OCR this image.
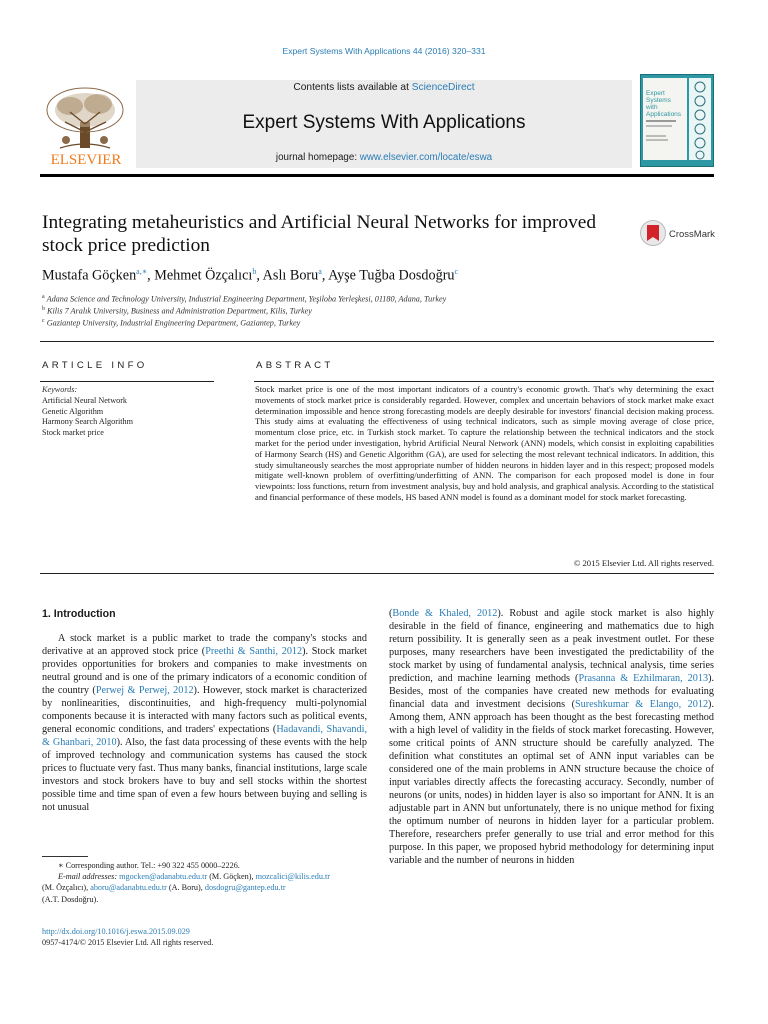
Expert Systems With Applications 44 (2016) 320–331
ELSEVIER
Contents lists available at ScienceDirect
Expert Systems With Applications
journal homepage: www.elsevier.com/locate/eswa
Expert
Systems
with
Applications
Integrating metaheuristics and Artificial Neural Networks for improved stock price prediction
CrossMark
Mustafa Göçken$^{a,∗}$, Mehmet Özçalıcı$^b$, Aslı Boru$^a$, Ayşe Tuğba Dosdoğru$^c$
$^a$ Adana Science and Technology University, Industrial Engineering Department, Yeşiloba Yerleşkesi, 01180, Adana, Turkey
$^b$ Kilis 7 Aralık University, Business and Administration Department, Kilis, Turkey
$^c$ Gaziantep University, Industrial Engineering Department, Gaziantep, Turkey
ARTICLE INFO
Keywords:
Artificial Neural Network
Genetic Algorithm
Harmony Search Algorithm
Stock market price
ABSTRACT
Stock market price is one of the most important indicators of a country's economic growth. That's why determining the exact movements of stock market price is considerably regarded. However, complex and uncertain behaviors of stock market make exact determination impossible and hence strong forecasting models are deeply desirable for investors' financial decision making process. This study aims at evaluating the effectiveness of using technical indicators, such as simple moving average of close price, momentum close price, etc. in Turkish stock market. To capture the relationship between the technical indicators and the stock market for the period under investigation, hybrid Artificial Neural Network (ANN) models, which consist in exploiting capabilities of Harmony Search (HS) and Genetic Algorithm (GA), are used for selecting the most relevant technical indicators. In addition, this study simultaneously searches the most appropriate number of hidden neurons in hidden layer and in this respect; proposed models mitigate well-known problem of overfitting/underfitting of ANN. The comparison for each proposed model is done in four viewpoints: loss functions, return from investment analysis, buy and hold analysis, and graphical analysis. According to the statistical and financial performance of these models, HS based ANN model is found as a dominant model for stock market forecasting.
© 2015 Elsevier Ltd. All rights reserved.
1. Introduction
A stock market is a public market to trade the company's stocks and derivative at an approved stock price (Preethi & Santhi, 2012). Stock market provides opportunities for brokers and companies to make investments on neutral ground and is one of the primary indicators of a economic condition of the country (Perwej & Perwej, 2012). However, stock market is characterized by nonlinearities, discontinuities, and high-frequency multi-polynomial components because it is interacted with many factors such as political events, general economic conditions, and traders' expectations (Hadavandi, Shavandi, & Ghanbari, 2010). Also, the fast data processing of these events with the help of improved technology and communication systems has caused the stock prices to fluctuate very fast. Thus many banks, financial institutions, large scale investors and stock brokers have to buy and sell stocks within the shortest possible time and time span of even a few hours between buying and selling is not unusual
(Bonde & Khaled, 2012). Robust and agile stock market is also highly desirable in the field of finance, engineering and mathematics due to high return possibility. It is generally seen as a peak investment outlet. For these purposes, many researchers have been investigated the predictability of the stock market by using of fundamental analysis, technical analysis, time series prediction, and machine learning methods (Prasanna & Ezhilmaran, 2013). Besides, most of the companies have created new methods for evaluating financial data and investment decisions (Sureshkumar & Elango, 2012). Among them, ANN approach has been thought as the best forecasting method with a high level of validity in the fields of stock market forecasting. However, some critical points of ANN structure should be carefully analyzed. The definition what constitutes an optimal set of ANN input variables can be considered one of the main problems in ANN structure because the choice of input variables directly affects the forecasting accuracy. Secondly, number of neurons (or units, nodes) in hidden layer is also so important for ANN. It is an adjustable part in ANN but unfortunately, there is no unique method for fixing the optimum number of neurons in hidden layer for a particular problem. Therefore, researchers prefer generally to use trial and error method for this purpose. In this paper, we proposed hybrid methodology for determining input variable and the number of neurons in hidden
∗ Corresponding author. Tel.: +90 322 455 0000–2226.
E-mail addresses: mgocken@adanabtu.edu.tr (M. Göçken), mozcalici@kilis.edu.tr
(M. Özçalıcı), aboru@adanabtu.edu.tr (A. Boru), dosdogru@gantep.edu.tr
(A.T. Dosdoğru).
http://dx.doi.org/10.1016/j.eswa.2015.09.029
0957-4174/© 2015 Elsevier Ltd. All rights reserved.
